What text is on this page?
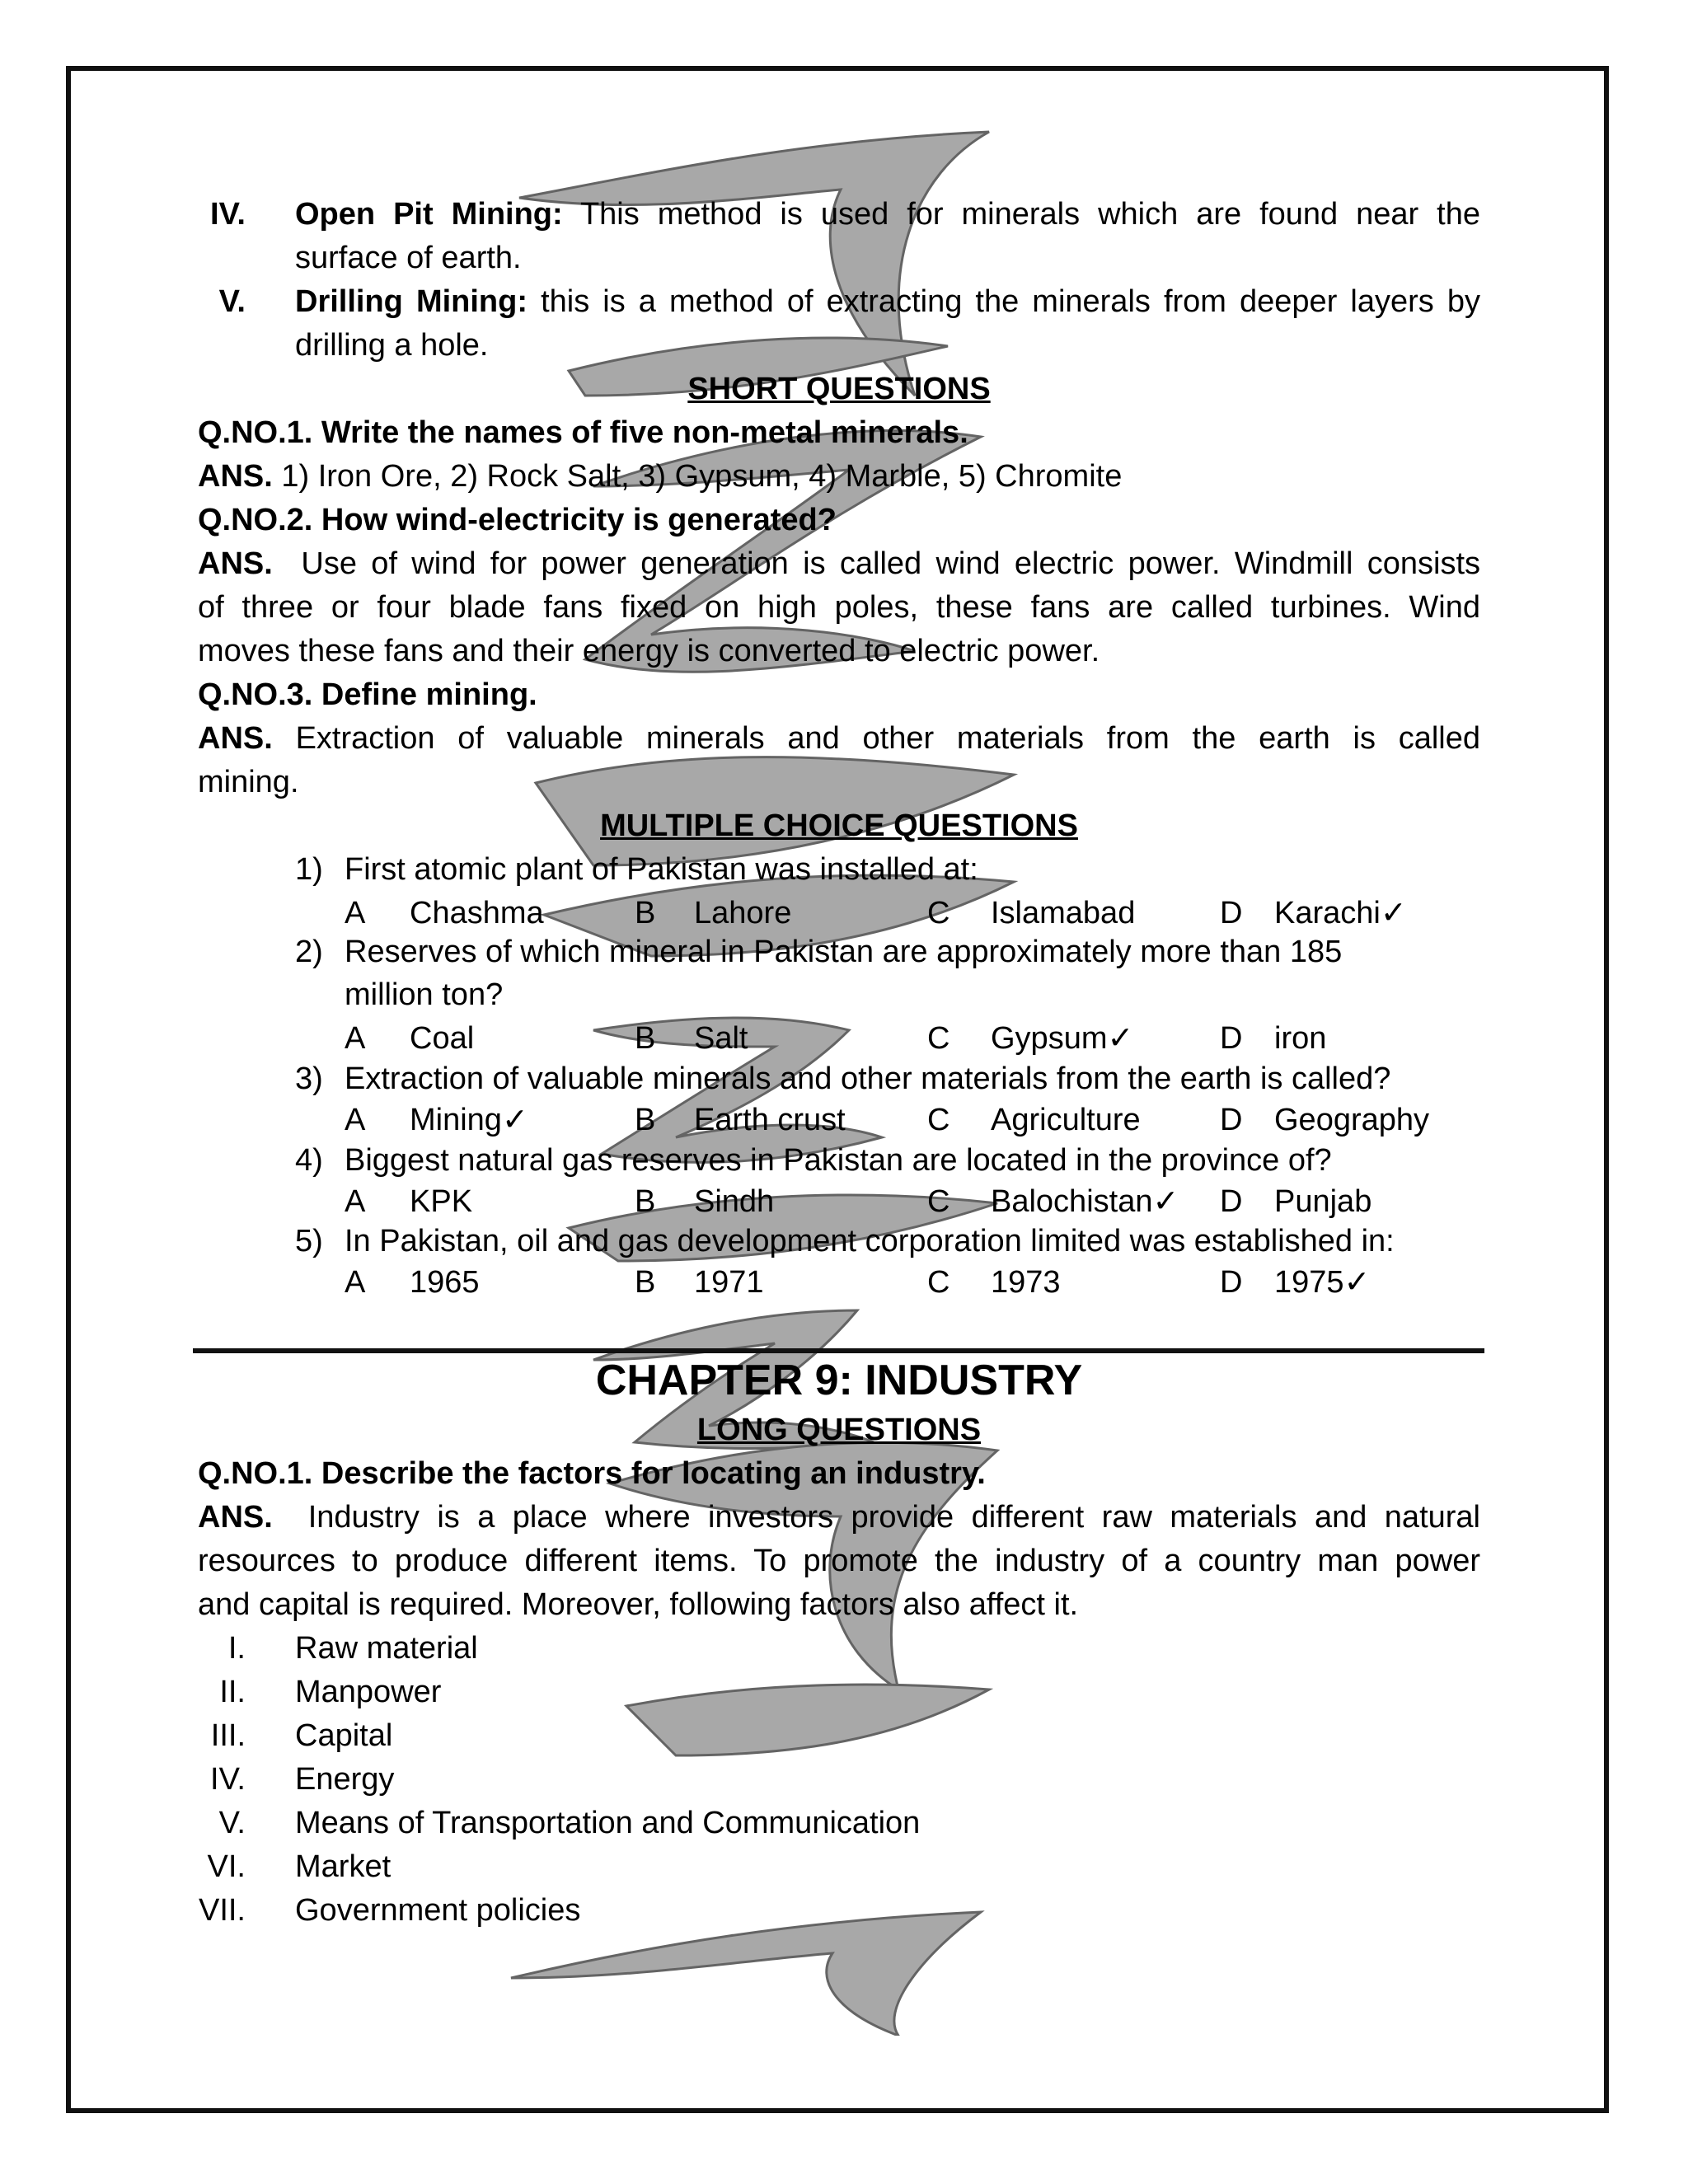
IV. Open Pit Mining: This method is used for minerals which are found near the
surface of earth.
V. Drilling Mining: this is a method of extracting the minerals from deeper layers by
drilling a hole.
SHORT QUESTIONS
Q.NO.1. Write the names of five non-metal minerals.
ANS. 1) Iron Ore, 2) Rock Salt, 3) Gypsum, 4) Marble, 5) Chromite
Q.NO.2. How wind-electricity is generated?
ANS. Use of wind for power generation is called wind electric power. Windmill consists
of three or four blade fans fixed on high poles, these fans are called turbines. Wind
moves these fans and their energy is converted to electric power.
Q.NO.3. Define mining.
ANS. Extraction of valuable minerals and other materials from the earth is called
mining.
MULTIPLE CHOICE QUESTIONS
1) First atomic plant of Pakistan was installed at:
A Chashma	B Lahore	C Islamabad	D Karachi✓
2) Reserves of which mineral in Pakistan are approximately more than 185
million ton?
A Coal	B Salt	C Gypsum✓	D iron
3) Extraction of valuable minerals and other materials from the earth is called?
A Mining✓	B Earth crust	C Agriculture	D Geography
4) Biggest natural gas reserves in Pakistan are located in the province of?
A KPK	B Sindh	C Balochistan✓ D Punjab
5) In Pakistan, oil and gas development corporation limited was established in:
A 1965	B 1971	C 1973	D 1975✓
CHAPTER 9: INDUSTRY
LONG QUESTIONS
Q.NO.1. Describe the factors for locating an industry.
ANS. Industry is a place where investors provide different raw materials and natural
resources to produce different items. To promote the industry of a country man power
and capital is required. Moreover, following factors also affect it.
I. Raw material
II. Manpower
III. Capital
IV. Energy
V. Means of Transportation and Communication
VI. Market
VII. Government policies
